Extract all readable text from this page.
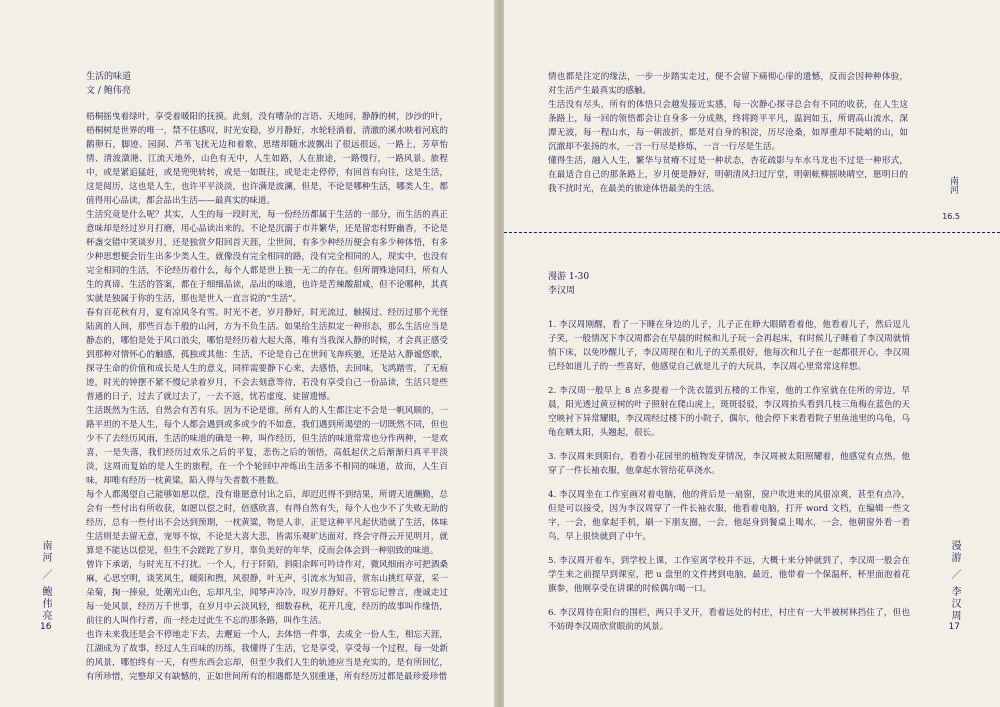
生活的味道

文 / 鲍伟亮

梧桐摇曳着绿叶，享受着暖阳的抚摸。此刻，没有嘈杂的言语、天地间，静静的树，沙沙的叶，梧桐树是世界的唯一，禁不住感叹，时光安稳，岁月静好，水轮轻淌着，清澈的溪水映着河底的鹅卵石，脚迹、园洞、芦苇飞扰无边和着歌，思绪却随水波飘出了很远很远，一路上，芳草怡情、清波潋滟、江流天地外，山色有无中，人生如路，人在旅途，一路慢行，一路风景。旅程中，或是紧追猛赶，或是兜兜转转，或是一如既往，或是走走停停，有回首有向往，这是生活，这是阅历，这也是人生，也许平平淡淡，也许满是波澜，但是，不论是哪种生活，哪类人生，都值得用心品读，都会品出生活——最真实的味道。

生活究竟是什么呢？其实，人生的每一段时光，每一份经历都属于生活的一部分，而生活的真正意味却是经过岁月打磨，用心品读出来的。不论是沉溺于市井繁华，还是留恋村野幽香，不论是杯盏交错中笑谈岁月，还是独赏夕阳回首天涯，尘世间，有多少种经历便会有多少种体悟，有多少种思想便会衍生出多少类人生，就像没有完全相同的路，没有完全相同的人，现实中，也没有完全相同的生活，不论经历着什么，每个人都是世上独一无二的存在。但所谓殊途同归，所有人生的真谛、生活的答案，都在于细细品读，品出的味道，也许是苦辣酸甜咸，但不论哪种，其真实就是独属于你的生活，那也是世人一直言说的“生活”。

春有百花秋有月，夏有凉风冬有雪。时光不老，岁月静好，时光流过，触摸过、经历过那个光怪陆离的人间，那些百态千般的山河，方为不负生活。如果给生活拟定一种形态，那么生活应当是静态的，哪怕是处于风口浪尖，哪怕是经历着大起大落，唯有当我深入静的时候，才会真正感受到那种对情怀心的触感，孤独或其他：生活，不论是自己在世间飞奔疾驰，还是站入静谧悠歌，探寻生命的价值和成长是人生的意义，同样需要静下心来，去感悟，去回味，飞鸿踏雪，了无痕迹，时光的钟摆不紧不慢记录着岁月，不会去刻意等待，若没有享受自己一份品读，生活只是些普通的日子，过去了就过去了，一去不返，忧若虚度，徒留遗憾。

生活既然为生活，自然会有苦有乐。因为不论是谁，所有人的人生都注定不会是一帆风顺的，一路平坦的不是人生，每个人都会遇到或多或少的不如意，我们遇到所渴望的一切既然不同，但也少不了去经历风雨，生活的味道的确是一种，叫作经历，但生活的味道常常也分作两种，一是欢喜，一是失落，我们经历过欢乐之后的平复，悲伤之后的领悟，高低起伏之后渐渐归真平平淡淡，这周而复始的是人生的旅程，在一个个轮回中冲炼出生活多不相同的味道，故而，人生百味，却唯有经历一枕黄粱，陷入得与失者数不胜数。

每个人都渴望自己能够如愿以偿，没有谁愿意付出之后，却迟迟得不到结果，所谓天道酬勤，总会有一些付出有所收获，如愿以偿之时，倍感欣喜，有得自然有失，每个人也少不了失败无助的经历，总有一些付出不会达到预期，一枕黄粱，物是人非，正是这种平凡起伏造就了生活，体味生活则是去留无意，宠辱不惊，不论是大喜大悲，皆需乐观旷达面对，终会守得云开见明月，就算是不能达以偿见，但生不会蹉跎了岁月，辜负美好的年华，反而会体会到一种别致的味道。

曾许下承诺，与时光互不打扰。一个人，行于阡陌，斜阳余晖可吟诗作对，微风细雨亦可把酒桑麻，心思空明，谈笑风生，暖阳和煦，风很静，叶无声，引流水为知音，赏东山挑红草萱，采一朵菊，掬一捧泉，处潮光山色，忘却凡尘，闻琴声冷冷，叹岁月静好。不管忘记曾言，虔诚走过每一处风景，经历万千世事，在岁月中云淡风轻，细数春秋，花开几度，经历的故事叫作缘悟，前往的人叫作行者，而一经走过此生不忘的那条路，叫作生活。

也许未来我还是会不停地走下去，去邂逅一个人，去体悟一件事，去成全一份人生，相忘天涯，江湖成为了故事，经过人生百味的历练，我懂得了生活，它是享受，享受每一个过程，每一处新的风景，哪怕终有一天，有些东西会忘却，但至少我们人生的轨迹应当是充实的，是有所回忆，有所珍惜，完整却又有缺憾的，正如世间所有的相遇都是久别重逢，所有经历过都是最珍爱珍惜

南河 ／ 鲍伟亮
16

情也都是注定的缘法，一步一步踏实走过，便不会留下痛彻心扉的遗憾，反而会因种种体验，对生活产生最真实的感触。

生活没有尽头，所有的体悟只会越发接近实感，每一次静心探寻总会有不同的收获，在人生这条路上，每一回的领悟都会让自身多一分成熟，终将跨平平凡，温润如玉，所谓高山流水，深潭无波，每一程山水，每一朝波折，都是对自身的积淀，历尽沧桑，如厚重却不陡峭的山，如沉澈却不张扬的水，一言一行尽是修炼，一言一行尽是生活。

懂得生活，融入人生，繁华与贫瘠不过是一种状态，杏花疏影与车水马龙也不过是一种形式，在最适合自己的那条路上，岁月便是静好，明朝清风扫过厅堂，明朝帐柳摇映晴空，愿明日的我不扰时光，在最美的旅途体悟最美的生活。	南河
16.5
漫游 1-30
李汉周

1. 李汉周刚醒，看了一下睡在身边的儿子，儿子正在睁大眼睛看着他，他看着儿子，然后逗儿子笑，一般情况下李汉周都会在早晨的时候和儿子玩一会再起床，有时候儿子睡着了李汉周就悄悄下床，以免吵醒儿子，李汉周现在和儿子的关系很好，他每次和儿子在一起都很开心，李汉周已经如道儿子的一些喜好，他感觉自己就是儿子的大玩具，李汉周心里常常这样想。

2. 李汉周一般早上 8 点多提着一个洗衣篮到五楼的工作室，他的工作室就在住所的旁边，早晨，阳光透过黄豆树的叶子照射在爬山虎上，斑斑驳驳，李汉周抬头看到几枝三角梅在蓝色的天空映衬下异常耀眼，李汉周经过楼下的小院子，偶尔，他会停下来看看院子里鱼池里的乌龟，乌龟在晒太阳，头翘起，很长。

3. 李汉周来到阳台，看看小花园里的植物发芽情况，李汉周被太阳照耀着，他感觉有点热，他穿了一件长袖衣服，他拿起水管给花草浇水。

4. 李汉周坐在工作室画对着电脑，他的背后是一扇窗，窗户吹进来的风很凉爽，甚至有点冷，但是可以接受，因为李汉周穿了一件长袖衣服，他看着电脑，打开 word 文档，在编辑一些文字，一会，他拿起手机，刷一下朋友圈，一会，他起身到餐桌上喝水，一会，他朝窗外看一看鸟，早上很快就到了中午。

5. 李汉周开着车，到学校上课，工作室离学校并不远，大概十来分钟就到了，李汉周一般会在学生来之前提早到课室，把 u 盘里的文件拷到电脑，最近，他带着一个保温杯，杯里面泡着花旗参，他刚享受在讲课的时候偶尔喝一口。

6. 李汉周待在阳台的围栏，两只手叉开，看着远处的村庄，村庄有一大半被树林挡住了，但也不妨碍李汉周欣赏眼前的风景。

漫游 ／ 李汉周
17
